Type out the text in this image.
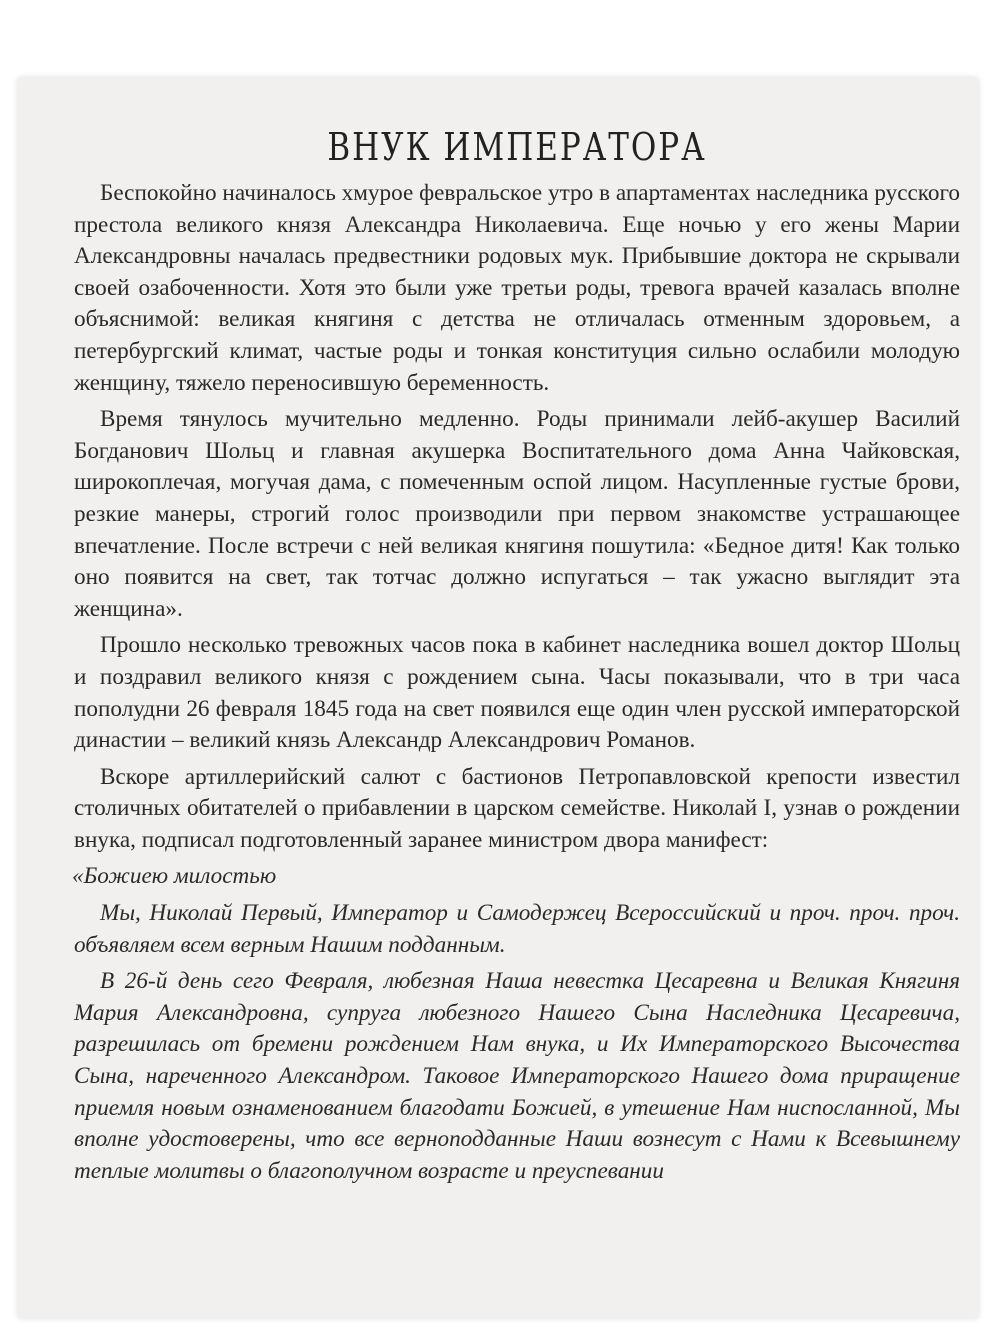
ВНУК ИМПЕРАТОРА

Беспокойно начиналось хмурое февральское утро в апартаментах наследника русского престола великого князя Александра Николаевича. Еще ночью у его жены Марии Александровны началась предвестники родовых мук. Прибывшие доктора не скрывали своей озабоченности. Хотя это были уже третьи роды, тревога врачей казалась вполне объяснимой: великая княгиня с детства не отличалась отменным здоровьем, а петербургский климат, частые роды и тонкая конституция сильно ослабили молодую женщину, тяжело переносившую беременность.

Время тянулось мучительно медленно. Роды принимали лейб-акушер Василий Богданович Шольц и главная акушерка Воспитательного дома Анна Чайковская, широкоплечая, могучая дама, с помеченным оспой лицом. Насупленные густые брови, резкие манеры, строгий голос производили при первом знакомстве устрашающее впечатление. После встречи с ней великая княгиня пошутила: «Бедное дитя! Как только оно появится на свет, так тотчас должно испугаться – так ужасно выглядит эта женщина».

Прошло несколько тревожных часов пока в кабинет наследника вошел доктор Шольц и поздравил великого князя с рождением сына. Часы показывали, что в три часа пополудни 26 февраля 1845 года на свет появился еще один член русской императорской династии – великий князь Александр Александрович Романов.

Вскоре артиллерийский салют с бастионов Петропавловской крепости известил столичных обитателей о прибавлении в царском семействе. Николай I, узнав о рождении внука, подписал подготовленный заранее министром двора манифест:

«Божиею милостью

Мы, Николай Первый, Император и Самодержец Всероссийский и проч. проч. проч. объявляем всем верным Нашим подданным.

В 26-й день сего Февраля, любезная Наша невестка Цесаревна и Великая Княгиня Мария Александровна, супруга любезного Нашего Сына Наследника Цесаревича, разрешилась от бремени рождением Нам внука, и Их Императорского Высочества Сына, нареченного Александром. Таковое Императорского Нашего дома приращение приемля новым ознаменованием благодати Божией, в утешение Нам ниспосланной, Мы вполне удостоверены, что все верноподданные Наши вознесут с Нами к Всевышнему теплые молитвы о благополучном возрасте и преуспевании
